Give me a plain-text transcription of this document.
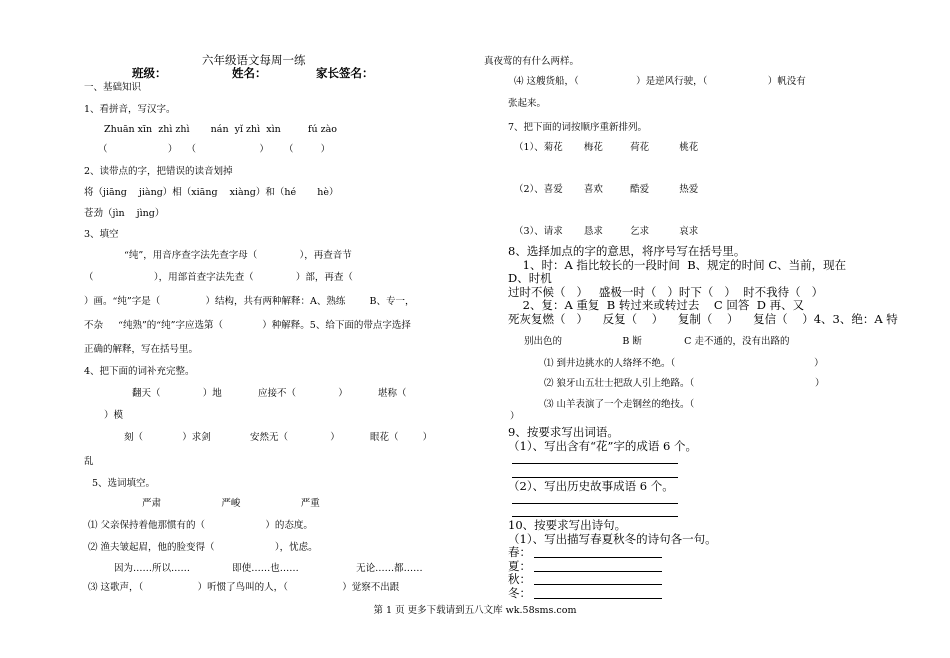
六年级语文每周一练
班级：	姓名：	家长签名：
一、基础知识
1、看拼音，写汉字。
Zhuān xīn  zhì zhì       nán  yǐ zhì  xìn         fú zào
（                    ）   （                     ）     （         ）
2、读带点的字，把错误的读音划掉
将（jiāng    jiàng）相（xiāng    xiàng）和（hé       hè）
苍劲（jìn    jìng）
3、填空
“纯”，用音序查字法先查字母（              ），再查音节
（                    ），用部首查字法先查（              ）部，再查（
）画。“纯”字是（               ）结构，共有两种解释：A、熟练        B、专一，
不杂     “纯熟”的“纯”字应选第（             ）种解释。5、给下面的带点字选择
正确的解释，写在括号里。
4、把下面的词补充完整。
翻天（              ）地            应接不（              ）          堪称（
）模
刻（             ）求剑             安然无（              ）          眼花（        ）
乱
5、选词填空。
严肃                    严峻                    严重
⑴ 父亲保持着他那惯有的（                    ）的态度。
⑵ 渔夫皱起眉，他的脸变得（                    ），忧虑。
因为……所以……              即使……也……                   无论……都……
⑶ 这歌声，（                  ）听惯了鸟叫的人，（                  ）觉察不出跟
真夜莺的有什么两样。
⑷ 这艘货船，（                   ）是逆风行驶，（                    ）帆没有
张起来。
7、把下面的词按顺序重新排列。
（1）、菊花       梅花         荷花          桃花
（2）、喜爱       喜欢         酷爱          热爱
（3）、请求       恳求         乞求          哀求
8、选择加点的字的意思，将序号写在括号里。
1、时：A 指比较长的一段时间  B、规定的时间 C、当前，现在
D、时机
过时不候（   ）   盛极一时（   ）时下（   ）  时不我待（   ）
2、复：A 重复  B 转过来或转过去    C 回答  D 再、又
死灰复燃（   ）    反复（    ）    复制（    ）    复信（    ）4、3、绝：A 特
别出色的                    B 断              C 走不通的，没有出路的
⑴ 到井边挑水的人络绎不绝。（                                              ）
⑵ 狼牙山五壮士把敌人引上绝路。（                                        ）
⑶ 山羊表演了一个走钢丝的绝技。（
）
9、按要求写出词语。
（1）、写出含有“花”字的成语 6 个。
（2）、写出历史故事成语 6 个。
10、按要求写出诗句。
（1）、写出描写春夏秋冬的诗句各一句。
春：
夏：
秋：
冬：
第 1 页 更多下载请到五八文库 wk.58sms.com
